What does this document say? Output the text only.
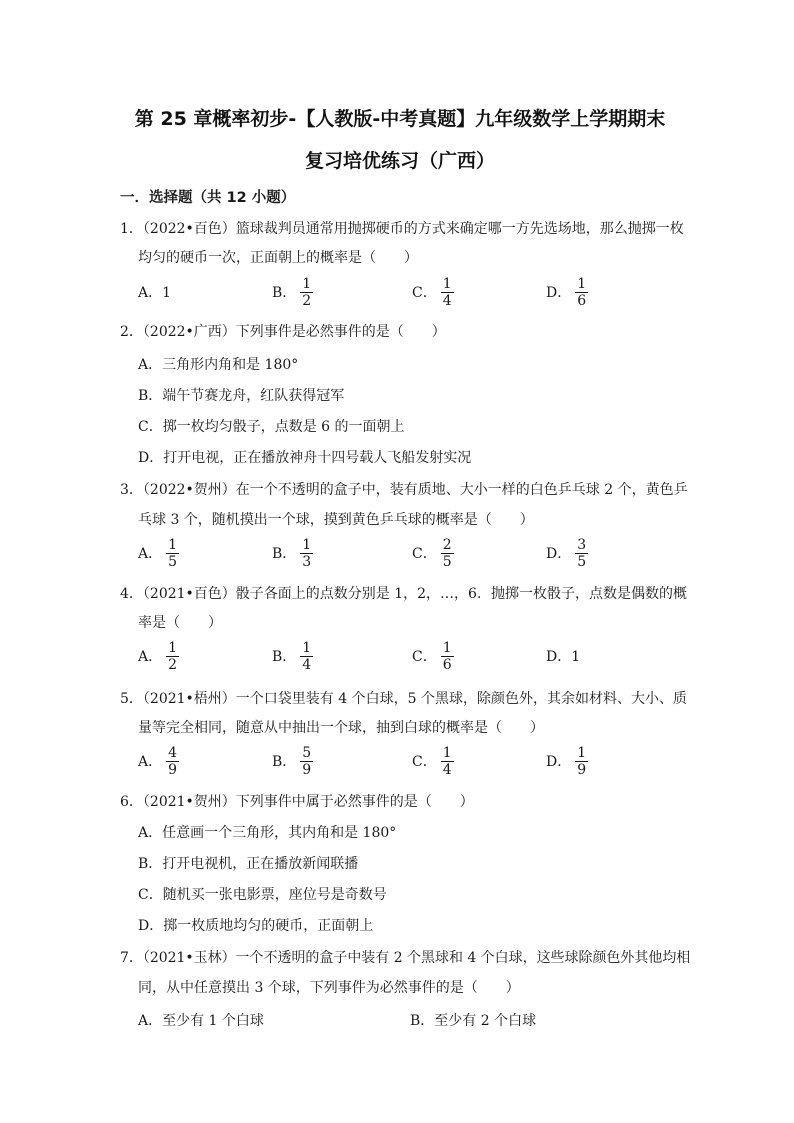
第 25 章概率初步-【人教版-中考真题】九年级数学上学期期末
复习培优练习（广西）
一．选择题（共 12 小题）
1．（2022•百色）篮球裁判员通常用抛掷硬币的方式来确定哪一方先选场地，那么抛掷一枚
均匀的硬币一次，正面朝上的概率是（　　）
A．1	B． $\frac{1}{2}$	C． $\frac{1}{4}$	D． $\frac{1}{6}$
2．（2022•广西）下列事件是必然事件的是（　　）
A．三角形内角和是 180°
B．端午节赛龙舟，红队获得冠军
C．掷一枚均匀骰子，点数是 6 的一面朝上
D．打开电视，正在播放神舟十四号载人飞船发射实况
3．（2022•贺州）在一个不透明的盒子中，装有质地、大小一样的白色乒乓球 2 个，黄色乒
乓球 3 个，随机摸出一个球，摸到黄色乒乓球的概率是（　　）
A． $\frac{1}{5}$	B． $\frac{1}{3}$	C． $\frac{2}{5}$	D． $\frac{3}{5}$
4．（2021•百色）骰子各面上的点数分别是 1，2，…，6．抛掷一枚骰子，点数是偶数的概
率是（　　）
A． $\frac{1}{2}$	B． $\frac{1}{4}$	C． $\frac{1}{6}$	D．1
5．（2021•梧州）一个口袋里装有 4 个白球，5 个黑球，除颜色外，其余如材料、大小、质
量等完全相同，随意从中抽出一个球，抽到白球的概率是（　　）
A． $\frac{4}{9}$	B． $\frac{5}{9}$	C． $\frac{1}{4}$	D． $\frac{1}{9}$
6．（2021•贺州）下列事件中属于必然事件的是（　　）
A．任意画一个三角形，其内角和是 180°
B．打开电视机，正在播放新闻联播
C．随机买一张电影票，座位号是奇数号
D．掷一枚质地均匀的硬币，正面朝上
7．（2021•玉林）一个不透明的盒子中装有 2 个黑球和 4 个白球，这些球除颜色外其他均相
同，从中任意摸出 3 个球，下列事件为必然事件的是（　　）
A．至少有 1 个白球	B．至少有 2 个白球
